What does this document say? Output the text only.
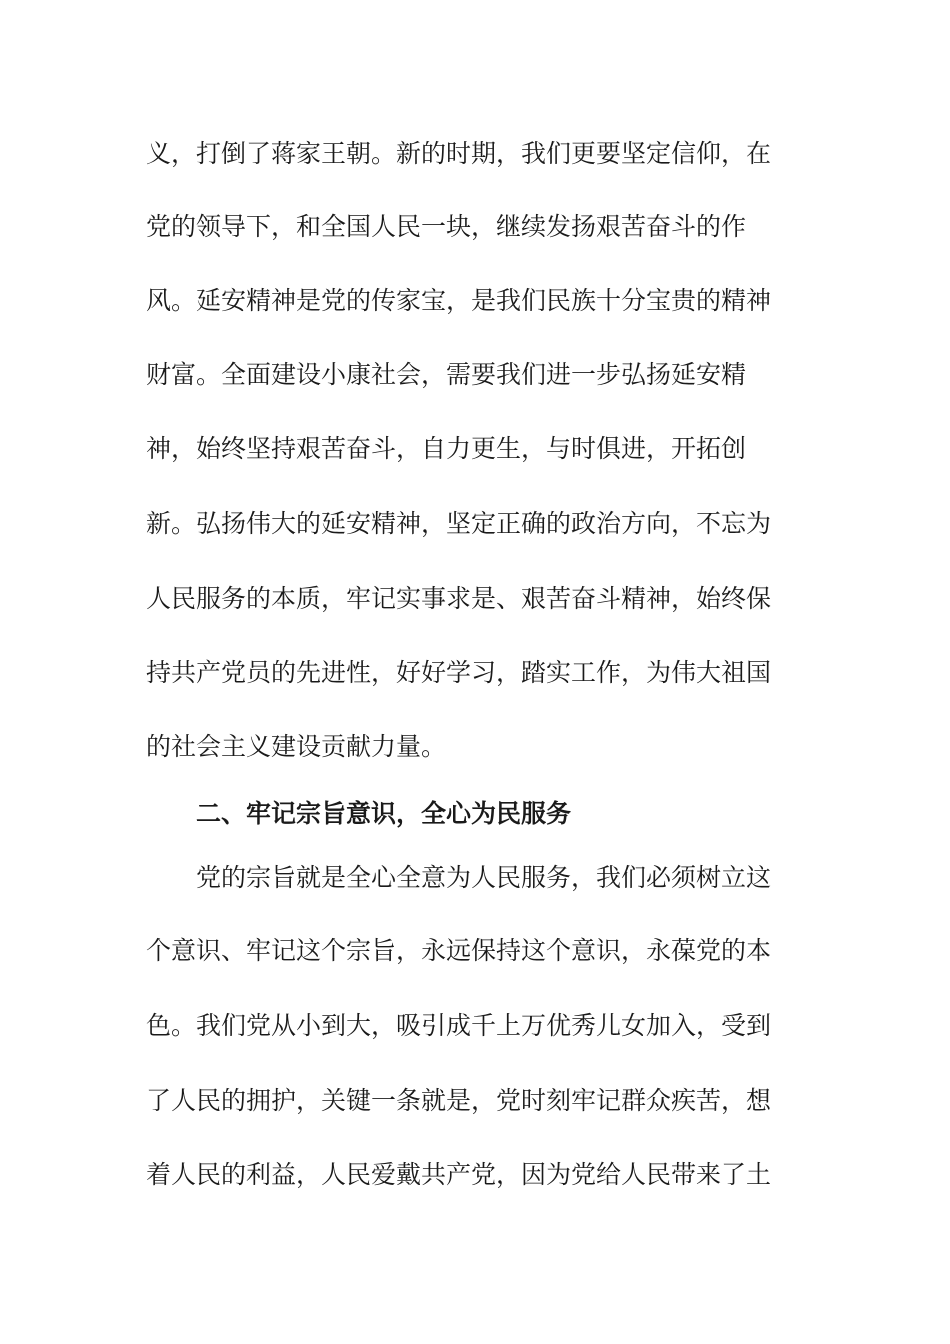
义，打倒了蒋家王朝。新的时期，我们更要坚定信仰，在
党的领导下，和全国人民一块，继续发扬艰苦奋斗的作
风。延安精神是党的传家宝，是我们民族十分宝贵的精神
财富。全面建设小康社会，需要我们进一步弘扬延安精
神，始终坚持艰苦奋斗，自力更生，与时俱进，开拓创
新。弘扬伟大的延安精神，坚定正确的政治方向，不忘为
人民服务的本质，牢记实事求是、艰苦奋斗精神，始终保
持共产党员的先进性，好好学习，踏实工作，为伟大祖国
的社会主义建设贡献力量。
二、牢记宗旨意识，全心为民服务
党的宗旨就是全心全意为人民服务，我们必须树立这
个意识、牢记这个宗旨，永远保持这个意识，永葆党的本
色。我们党从小到大，吸引成千上万优秀儿女加入，受到
了人民的拥护，关键一条就是，党时刻牢记群众疾苦，想
着人民的利益，人民爱戴共产党，因为党给人民带来了土
